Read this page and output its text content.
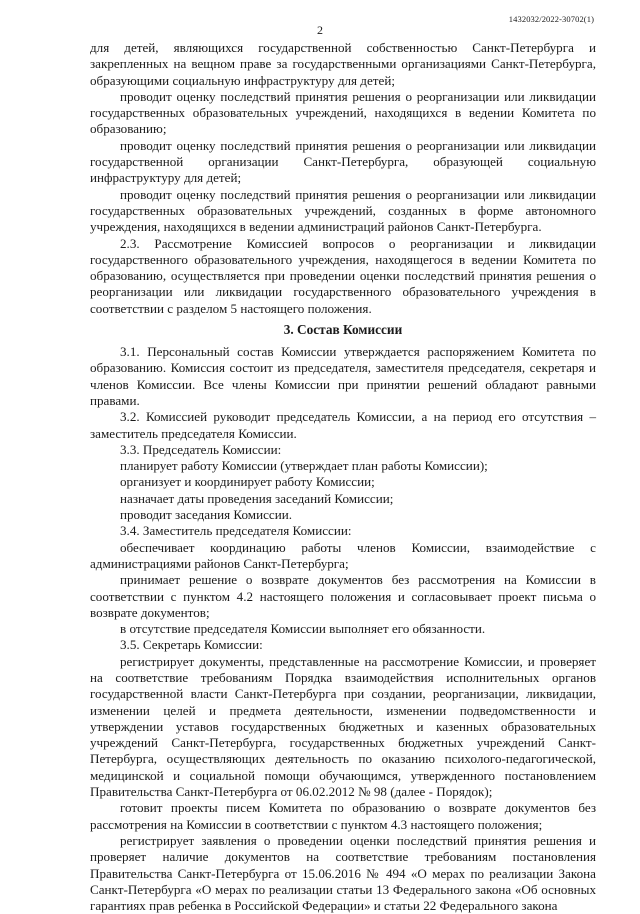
1432032/2022-30702(1)
2

для детей, являющихся государственной собственностью Санкт-Петербурга и закрепленных на вещном праве за государственными организациями Санкт-Петербурга, образующими социальную инфраструктуру для детей;

проводит оценку последствий принятия решения о реорганизации или ликвидации государственных образовательных учреждений, находящихся в ведении Комитета по образованию;

проводит оценку последствий принятия решения о реорганизации или ликвидации государственной организации Санкт-Петербурга, образующей социальную инфраструктуру для детей;

проводит оценку последствий принятия решения о реорганизации или ликвидации государственных образовательных учреждений, созданных в форме автономного учреждения, находящихся в ведении администраций районов Санкт-Петербурга.

2.3. Рассмотрение Комиссией вопросов о реорганизации и ликвидации государственного образовательного учреждения, находящегося в ведении Комитета по образованию, осуществляется при проведении оценки последствий принятия решения о реорганизации или ликвидации государственного образовательного учреждения в соответствии с разделом 5 настоящего положения.

3. Состав Комиссии

3.1. Персональный состав Комиссии утверждается распоряжением Комитета по образованию. Комиссия состоит из председателя, заместителя председателя, секретаря и членов Комиссии. Все члены Комиссии при принятии решений обладают равными правами.

3.2. Комиссией руководит председатель Комиссии, а на период его отсутствия – заместитель председателя Комиссии.

3.3. Председатель Комиссии:

планирует работу Комиссии (утверждает план работы Комиссии);

организует и координирует работу Комиссии;

назначает даты проведения заседаний Комиссии;

проводит заседания Комиссии.

3.4. Заместитель председателя Комиссии:

обеспечивает координацию работы членов Комиссии, взаимодействие с администрациями районов Санкт-Петербурга;

принимает решение о возврате документов без рассмотрения на Комиссии в соответствии с пунктом 4.2 настоящего положения и согласовывает проект письма о возврате документов;

в отсутствие председателя Комиссии выполняет его обязанности.

3.5. Секретарь Комиссии:

регистрирует документы, представленные на рассмотрение Комиссии, и проверяет на соответствие требованиям Порядка взаимодействия исполнительных органов государственной власти Санкт-Петербурга при создании, реорганизации, ликвидации, изменении целей и предмета деятельности, изменении подведомственности и утверждении уставов государственных бюджетных и казенных образовательных учреждений Санкт-Петербурга, государственных бюджетных учреждений Санкт-Петербурга, осуществляющих деятельность по оказанию психолого-педагогической, медицинской и социальной помощи обучающимся, утвержденного постановлением Правительства Санкт-Петербурга от 06.02.2012 № 98 (далее - Порядок);

готовит проекты писем Комитета по образованию о возврате документов без рассмотрения на Комиссии в соответствии с пунктом 4.3 настоящего положения;

регистрирует заявления о проведении оценки последствий принятия решения и проверяет наличие документов на соответствие требованиям постановления Правительства Санкт-Петербурга от 15.06.2016 № 494 «О мерах по реализации Закона Санкт-Петербурга «О мерах по реализации статьи 13 Федерального закона «Об основных гарантиях прав ребенка в Российской Федерации» и статьи 22 Федерального закона
